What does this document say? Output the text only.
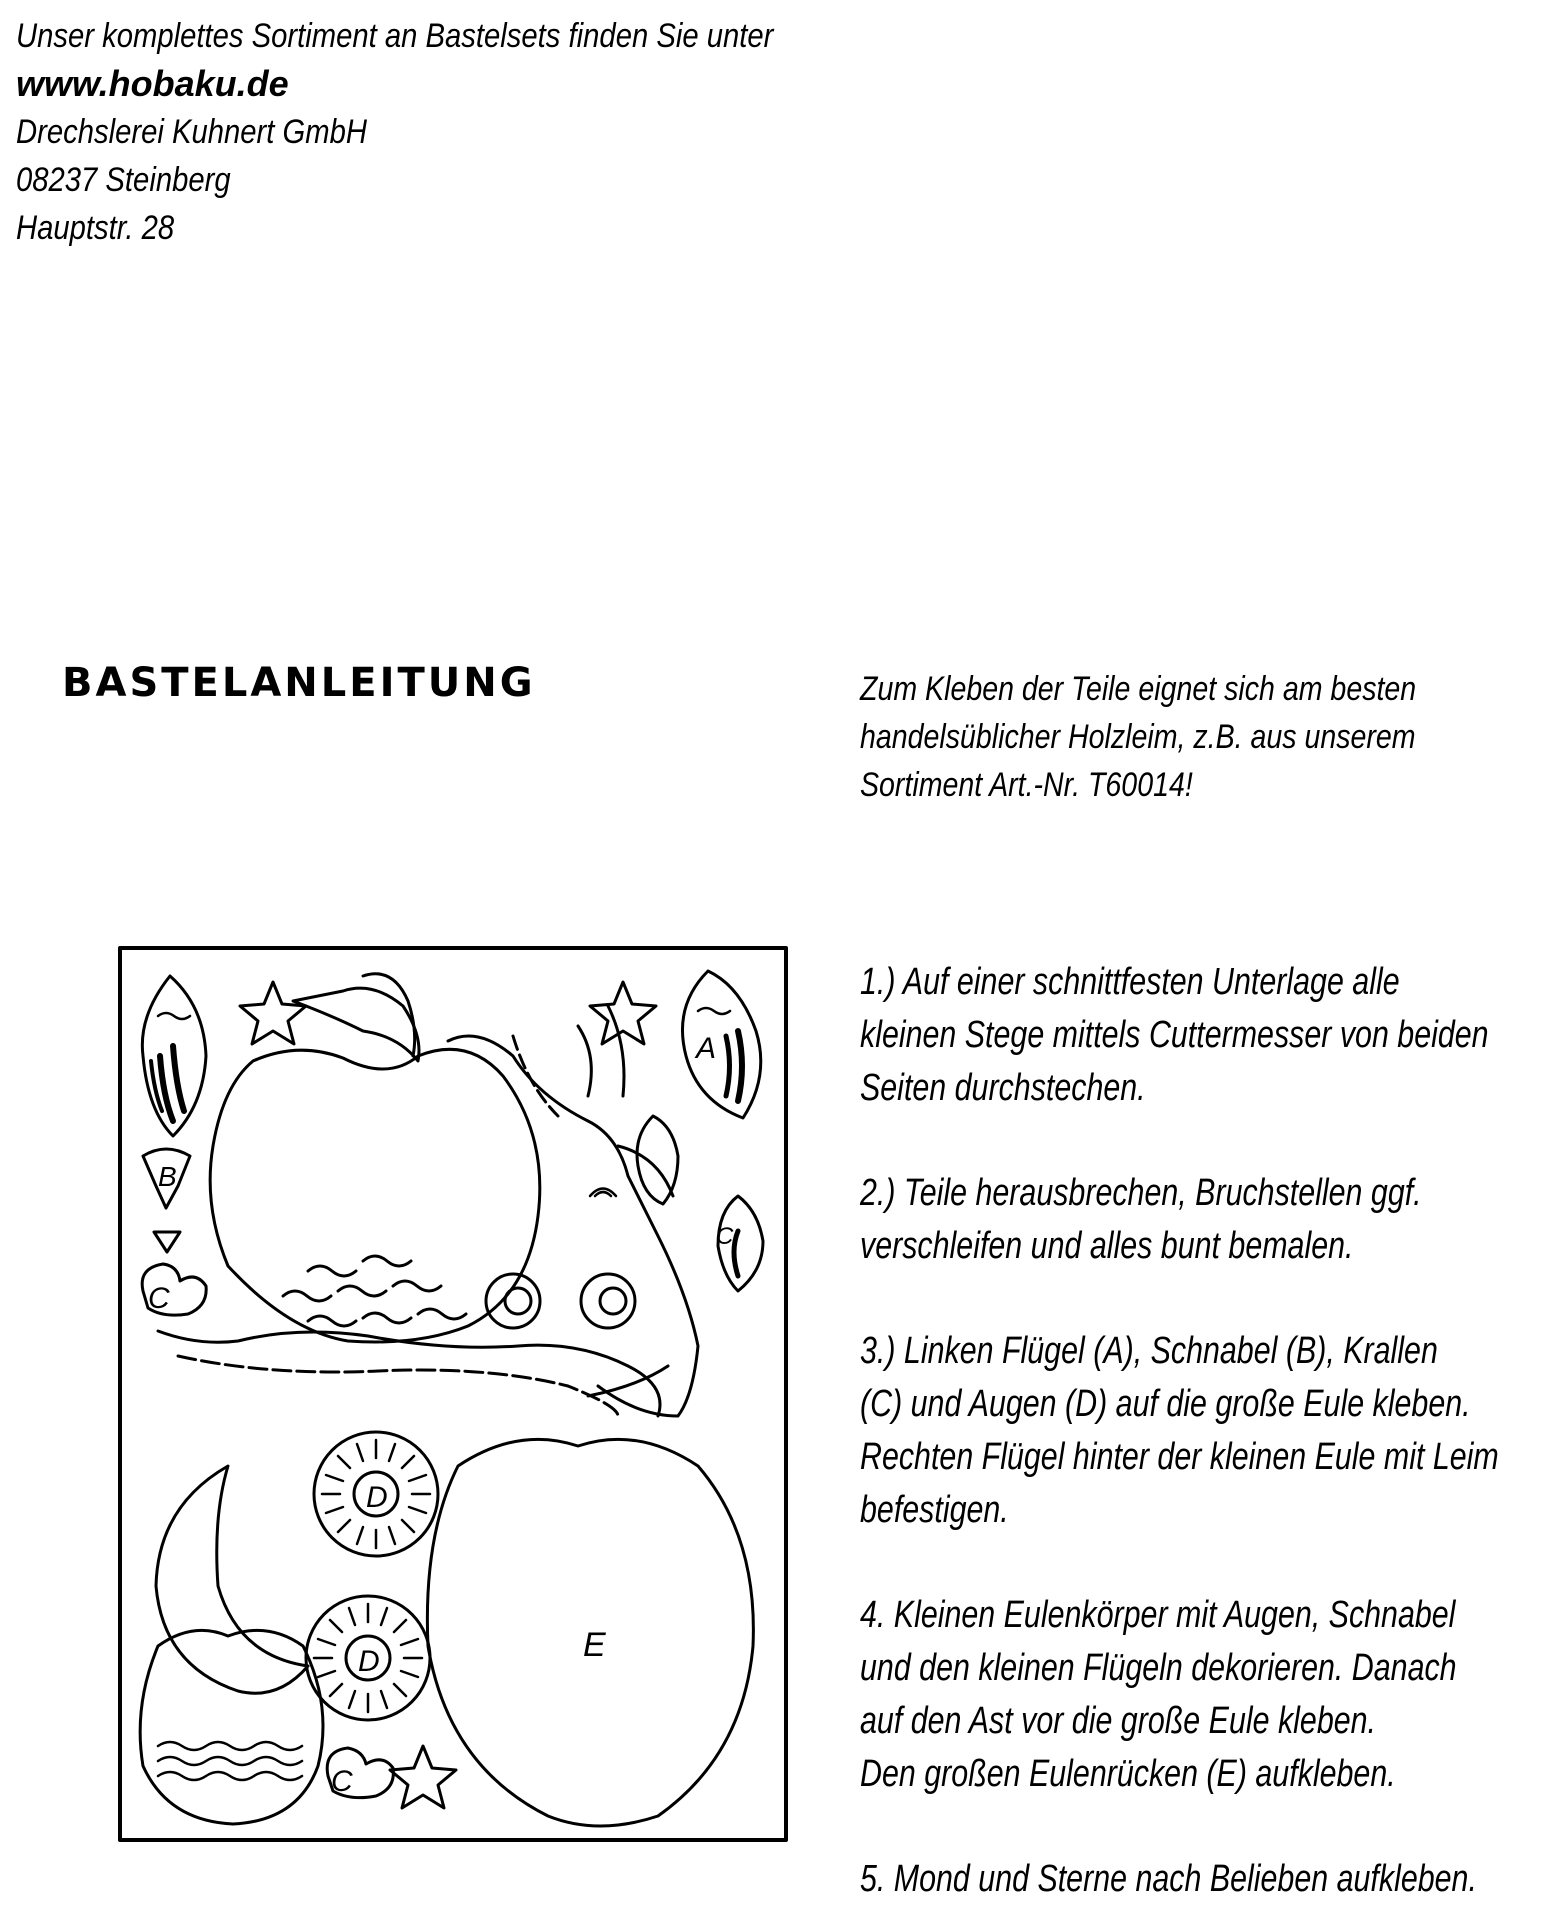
Unser komplettes Sortiment an Bastelsets finden Sie unter
www.hobaku.de
Drechslerei Kuhnert GmbH
08237 Steinberg
Hauptstr. 28
BASTELANLEITUNG	Zum Kleben der Teile eignet sich am besten
handelsüblicher Holzleim, z.B. aus unserem
Sortiment Art.-Nr. T60014!
1.) Auf einer schnittfesten Unterlage alle
kleinen Stege mittels Cuttermesser von beiden
Seiten durchstechen.
2.) Teile herausbrechen, Bruchstellen ggf.
verschleifen und alles bunt bemalen.
3.) Linken Flügel (A), Schnabel (B), Krallen
(C) und Augen (D) auf die große Eule kleben.
Rechten Flügel hinter der kleinen Eule mit Leim
befestigen.
4. Kleinen Eulenkörper mit Augen, Schnabel
und den kleinen Flügeln dekorieren. Danach
auf den Ast vor die große Eule kleben.
Den großen Eulenrücken (E) aufkleben.
5. Mond und Sterne nach Belieben aufkleben.
A
B
C
D
D	E
C
C
